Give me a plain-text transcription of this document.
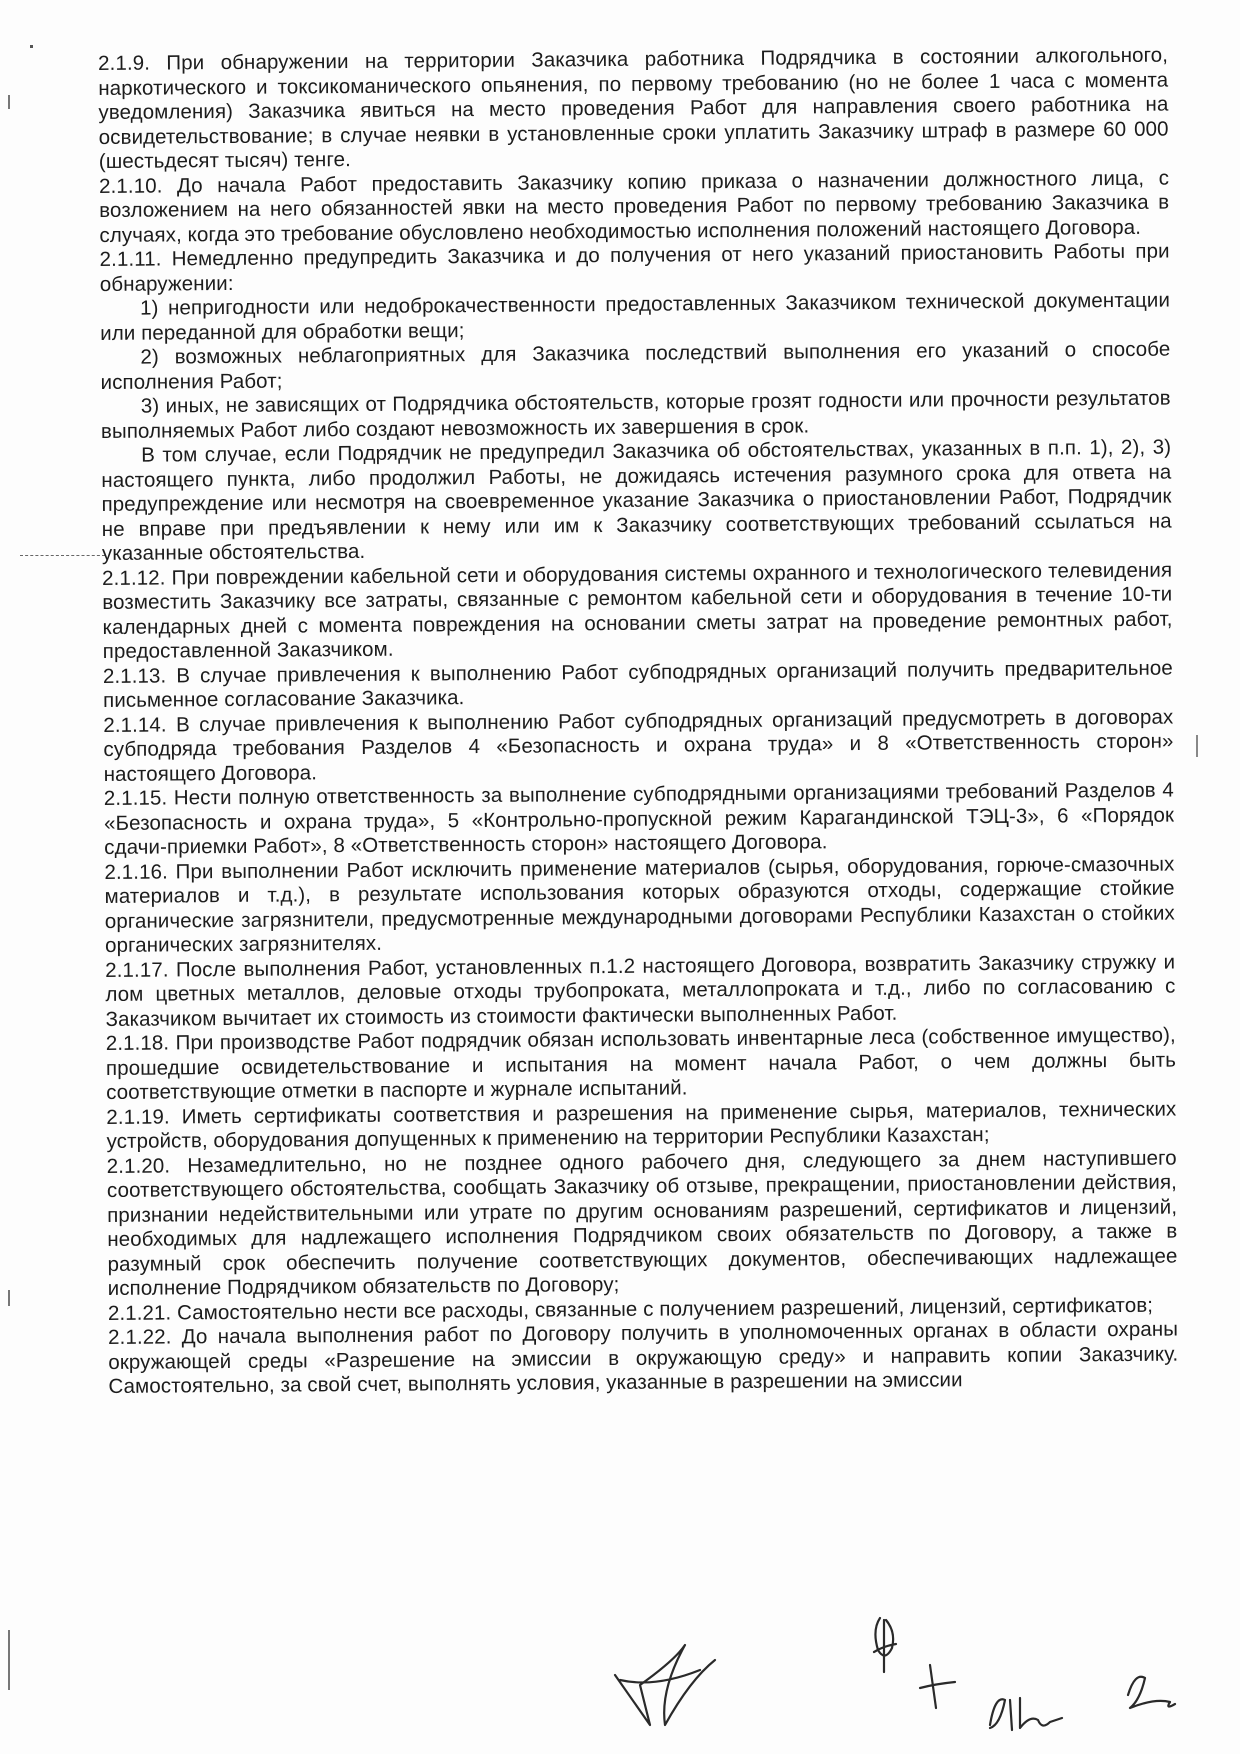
2.1.9. При обнаружении на территории Заказчика работника Подрядчика в состоянии алкогольного, наркотического и токсикоманического опьянения, по первому требованию (но не более 1 часа с момента уведомления) Заказчика явиться на место проведения Работ для направления своего работника на освидетельствование; в случае неявки в установленные сроки уплатить Заказчику штраф в размере 60 000 (шестьдесят тысяч) тенге.

2.1.10. До начала Работ предоставить Заказчику копию приказа о назначении должностного лица, с возложением на него обязанностей явки на место проведения Работ по первому требованию Заказчика в случаях, когда это требование обусловлено необходимостью исполнения положений настоящего Договора.

2.1.11. Немедленно предупредить Заказчика и до получения от него указаний приостановить Работы при обнаружении:

1) непригодности или недоброкачественности предоставленных Заказчиком технической документации или переданной для обработки вещи;

2) возможных неблагоприятных для Заказчика последствий выполнения его указаний о способе исполнения Работ;

3) иных, не зависящих от Подрядчика обстоятельств, которые грозят годности или прочности результатов выполняемых Работ либо создают невозможность их завершения в срок.

В том случае, если Подрядчик не предупредил Заказчика об обстоятельствах, указанных в п.п. 1), 2), 3) настоящего пункта, либо продолжил Работы, не дожидаясь истечения разумного срока для ответа на предупреждение или несмотря на своевременное указание Заказчика о приостановлении Работ, Подрядчик не вправе при предъявлении к нему или им к Заказчику соответствующих требований ссылаться на указанные обстоятельства.

2.1.12. При повреждении кабельной сети и оборудования системы охранного и технологического телевидения возместить Заказчику все затраты, связанные с ремонтом кабельной сети и оборудования в течение 10-ти календарных дней с момента повреждения на основании сметы затрат на проведение ремонтных работ, предоставленной Заказчиком.

2.1.13. В случае привлечения к выполнению Работ субподрядных организаций получить предварительное письменное согласование Заказчика.

2.1.14. В случае привлечения к выполнению Работ субподрядных организаций предусмотреть в договорах субподряда требования Разделов 4 «Безопасность и охрана труда» и 8 «Ответственность сторон» настоящего Договора.

2.1.15. Нести полную ответственность за выполнение субподрядными организациями требований Разделов 4 «Безопасность и охрана труда», 5 «Контрольно-пропускной режим Карагандинской ТЭЦ-3», 6 «Порядок сдачи-приемки Работ», 8 «Ответственность сторон» настоящего Договора.

2.1.16. При выполнении Работ исключить применение материалов (сырья, оборудования, горюче-смазочных материалов и т.д.), в результате использования которых образуются отходы, содержащие стойкие органические загрязнители, предусмотренные международными договорами Республики Казахстан о стойких органических загрязнителях.

2.1.17. После выполнения Работ, установленных п.1.2 настоящего Договора, возвратить Заказчику стружку и лом цветных металлов, деловые отходы трубопроката, металлопроката и т.д., либо по согласованию с Заказчиком вычитает их стоимость из стоимости фактически выполненных Работ.

2.1.18. При производстве Работ подрядчик обязан использовать инвентарные леса (собственное имущество), прошедшие освидетельствование и испытания на момент начала Работ, о чем должны быть соответствующие отметки в паспорте и журнале испытаний.

2.1.19. Иметь сертификаты соответствия и разрешения на применение сырья, материалов, технических устройств, оборудования допущенных к применению на территории Республики Казахстан;

2.1.20. Незамедлительно, но не позднее одного рабочего дня, следующего за днем наступившего соответствующего обстоятельства, сообщать Заказчику об отзыве, прекращении, приостановлении действия, признании недействительными или утрате по другим основаниям разрешений, сертификатов и лицензий, необходимых для надлежащего исполнения Подрядчиком своих обязательств по Договору, а также в разумный срок обеспечить получение соответствующих документов, обеспечивающих надлежащее исполнение Подрядчиком обязательств по Договору;

2.1.21. Самостоятельно нести все расходы, связанные с получением разрешений, лицензий, сертификатов;

2.1.22. До начала выполнения работ по Договору получить в уполномоченных органах в области охраны окружающей среды «Разрешение на эмиссии в окружающую среду» и направить копии Заказчику. Самостоятельно, за свой счет, выполнять условия, указанные в разрешении на эмиссии
